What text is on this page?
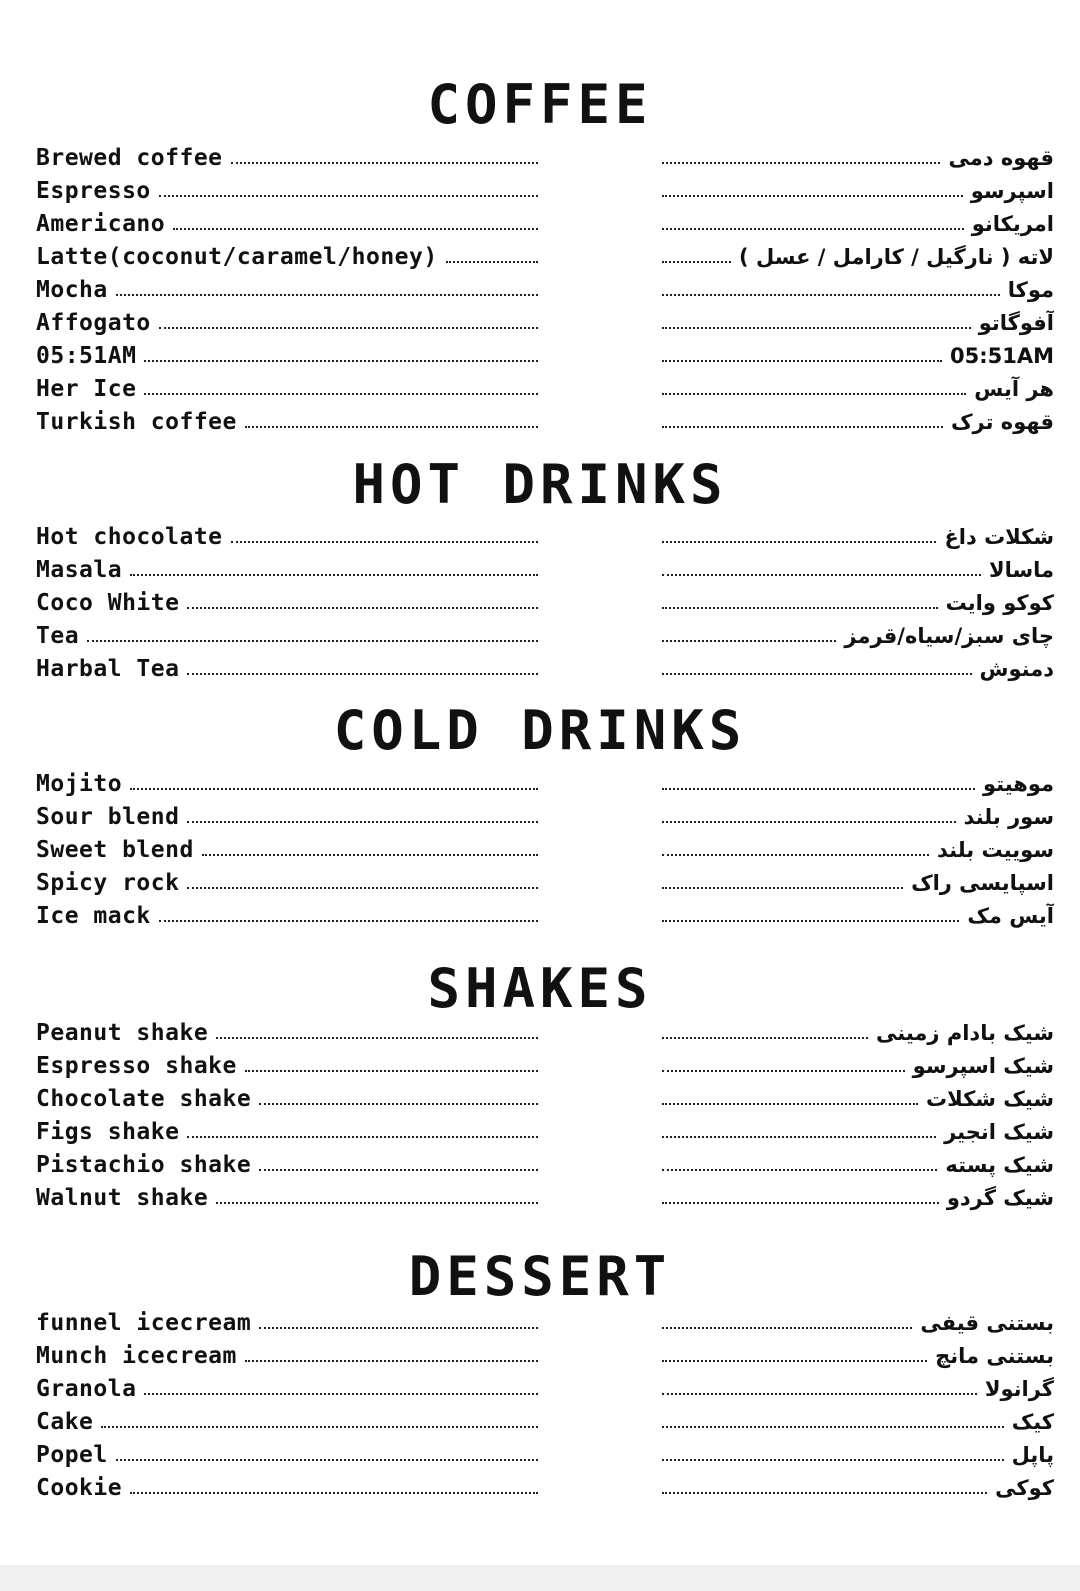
COFFEE
Brewed coffee	قهوه دمی
Espresso	اسپرسو
Americano	امریکانو
Latte(coconut/caramel/honey)	لاته ( نارگیل / کارامل / عسل )
Mocha	موکا
Affogato	آفوگاتو
05:51AM	05:51AM
Her Ice	هر آیس
Turkish coffee	قهوه ترک
HOT DRINKS
Hot chocolate	شکلات داغ
Masala	ماسالا
Coco White	کوکو وایت
Tea	چای سبز/سیاه/قرمز
Harbal Tea	دمنوش
COLD DRINKS
Mojito	موهیتو
Sour blend	سور بلند
Sweet blend	سوییت بلند
Spicy rock	اسپایسی راک
Ice mack	آیس مک
SHAKES
Peanut shake	شیک بادام زمینی
Espresso shake	شیک اسپرسو
Chocolate shake	شیک شکلات
Figs shake	شیک انجیر
Pistachio shake	شیک پسته
Walnut shake	شیک گردو
DESSERT
funnel icecream	بستنی قیفی
Munch icecream	بستنی مانچ
Granola	گرانولا
Cake	کیک
Popel	پاپل
Cookie	کوکی
